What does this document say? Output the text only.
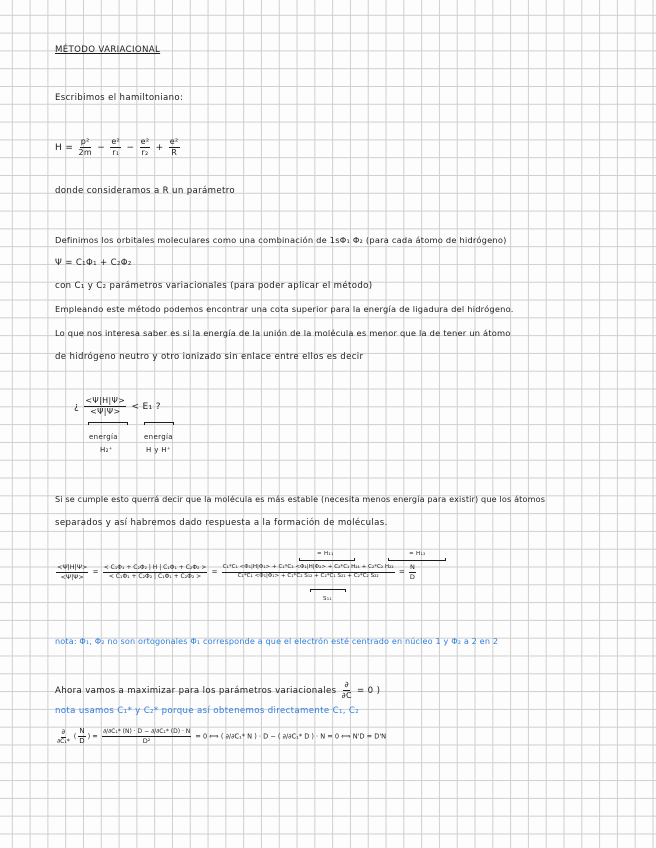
MÉTODO VARIACIONAL
Escribimos el hamiltoniano:
$H = \frac{\text{p²}}{2m} - \frac{\text{e²}}{\text{r₁}} - \frac{\text{e²}}{\text{r₂}} + \frac{\text{e²}}{R}$
donde consideramos a R un parámetro
Definimos los orbitales moleculares como una combinación de 1sΦ₁ Φ₂ (para cada átomo de hidrógeno)
Ψ = C₁Φ₁ + C₂Φ₂
con C₁ y C₂ parámetros variacionales (para poder aplicar el método)
Empleando este método podemos encontrar una cota superior para la energía de ligadura del hidrógeno.
Lo que nos interesa saber es si la energía de la unión de la molécula es menor que la de tener un átomo
de hidrógeno neutro y otro ionizado sin enlace entre ellos es decir
¿ $\frac{<\Psi|H|\Psi>}{<\Psi|\Psi>} < E_1$ ?
energía
H₂⁺
energía
H y H⁺
Si se cumple esto querrá decir que la molécula es más estable (necesita menos energía para existir) que los átomos
separados y así habremos dado respuesta a la formación de moléculas.
$\frac{<\Psi|H|\Psi>}{<\Psi|\Psi>} = \frac{\text{< C₁Φ₁ + C₂Φ₂ | H | C₁Φ₁ + C₂Φ₂ >}}{\text{< C₁Φ₁ + C₂Φ₂ | C₁Φ₁ + C₂Φ₂ >}} = \frac{\text{C₁*C₁ <Φ₁|H|Φ₁> + C₁*C₂ <Φ₁|H|Φ₂> + C₂*C₁ H₂₁ + C₂*C₂ H₂₂}}{\text{C₁*C₁ <Φ₁|Φ₁> + C₁*C₂ S₁₂ + C₂*C₁ S₂₁ + C₂*C₂ S₂₂}} = \frac{N}{D}$
= H₁₁	= H₁₂
S₁₁
nota: Φ₁, Φ₂ no son ortogonales Φ₁ corresponde a que el electrón esté centrado en núcleo 1 y Φ₂ a 2 en 2
Ahora vamos a maximizar para los parámetros variacionales $\frac{\partial}{\partial C} = 0$ )
nota usamos C₁* y C₂* porque así obtenemos directamente C₁, C₂
$\frac{\partial}{\text{∂C₁*}}$ ( $\frac{N}{D}$ ) = $\frac{\text{∂/∂C₁* (N) · D − ∂/∂C₁* (D) · N}}{\text{D²}} = 0$ ⟺ ( ∂/∂C₁* N ) · D − ( ∂/∂C₁* D ) · N = 0 ⟺ N'D = D'N
